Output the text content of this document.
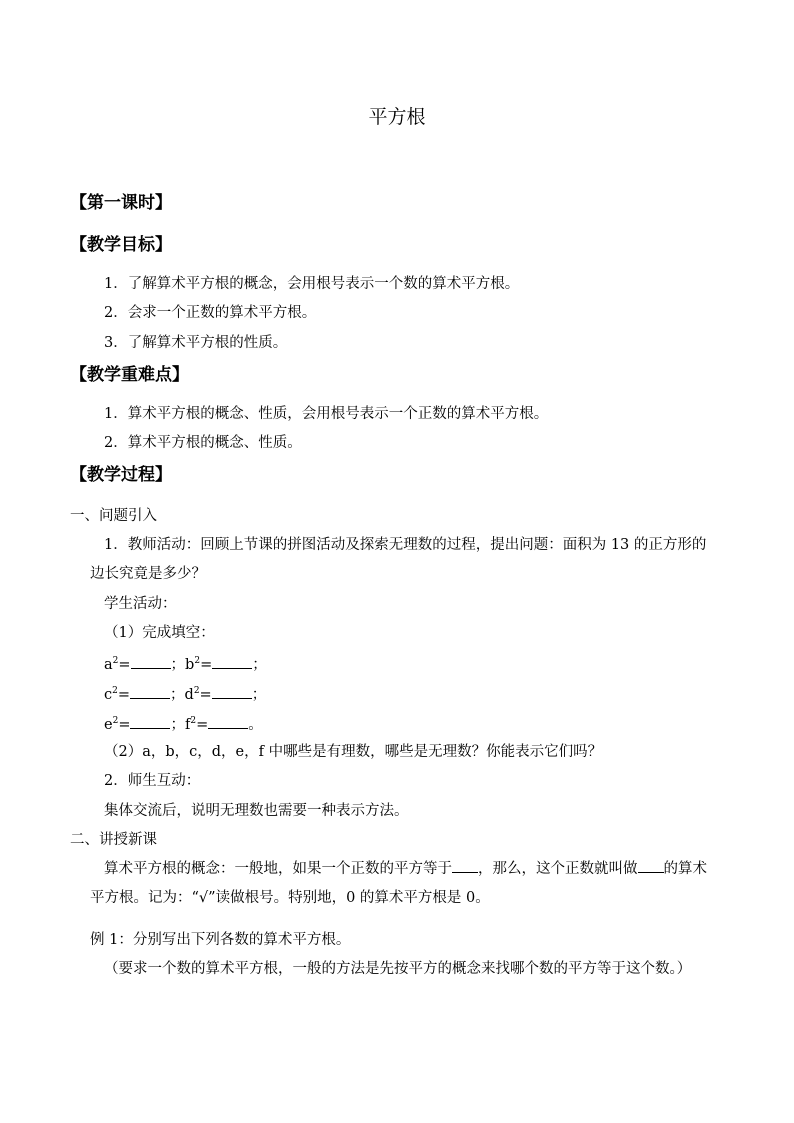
平方根
【第一课时】
【教学目标】
1．了解算术平方根的概念，会用根号表示一个数的算术平方根。
2．会求一个正数的算术平方根。
3．了解算术平方根的性质。
【教学重难点】
1．算术平方根的概念、性质，会用根号表示一个正数的算术平方根。
2．算术平方根的概念、性质。
【教学过程】
一、问题引入
1．教师活动：回顾上节课的拼图活动及探索无理数的过程，提出问题：面积为 13 的正方形的边长究竟是多少？
学生活动：
（1）完成填空：
$a^2=$	；$b^2=$	；
$c^2=$	；$d^2=$	；
$e^2=$	；$f^2=$	。
（2）a，b，c，d，e，f 中哪些是有理数，哪些是无理数？你能表示它们吗？
2．师生互动：
集体交流后，说明无理数也需要一种表示方法。
二、讲授新课
算术平方根的概念：一般地，如果一个正数的平方等于 ，那么，这个正数就叫做 的算术平方根。记为：“√”读做根号。特别地，0 的算术平方根是 0。
例 1：分别写出下列各数的算术平方根。
（要求一个数的算术平方根，一般的方法是先按平方的概念来找哪个数的平方等于这个数。）
